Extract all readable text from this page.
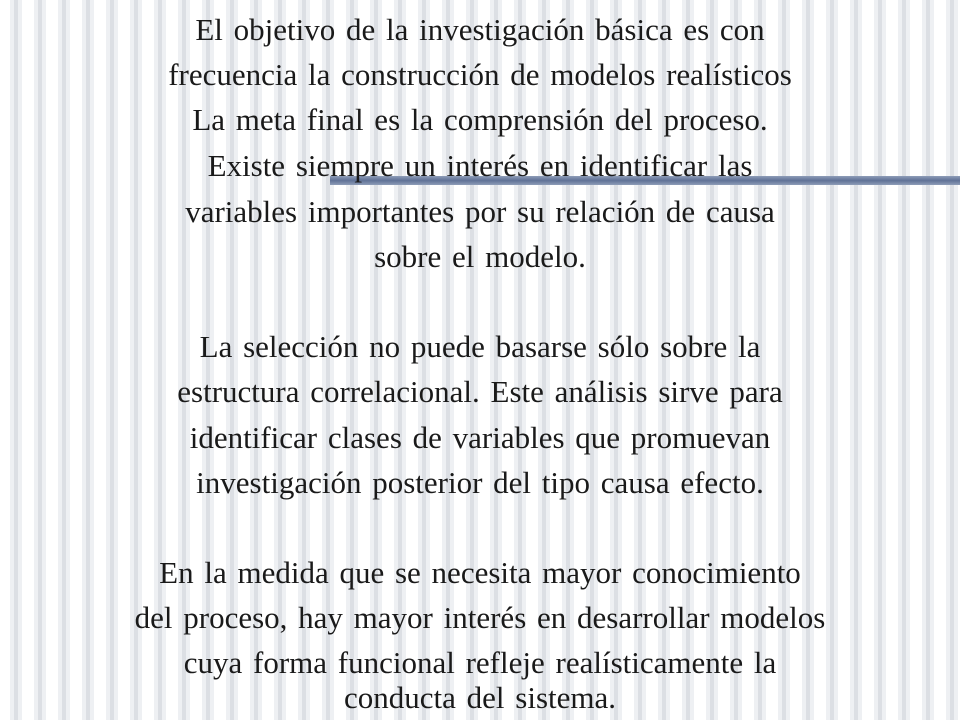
El objetivo de la investigación básica es con
frecuencia la construcción de modelos realísticos
La meta final es la comprensión del proceso.
Existe siempre un interés en identificar las
variables importantes por su relación de causa
sobre el modelo.
La selección no puede basarse sólo sobre la
estructura correlacional. Este análisis sirve para
identificar clases de variables que promuevan
investigación posterior del tipo causa efecto.
En la medida que se necesita mayor conocimiento
del proceso, hay mayor interés en desarrollar modelos
cuya forma funcional refleje realísticamente la
conducta del sistema.
